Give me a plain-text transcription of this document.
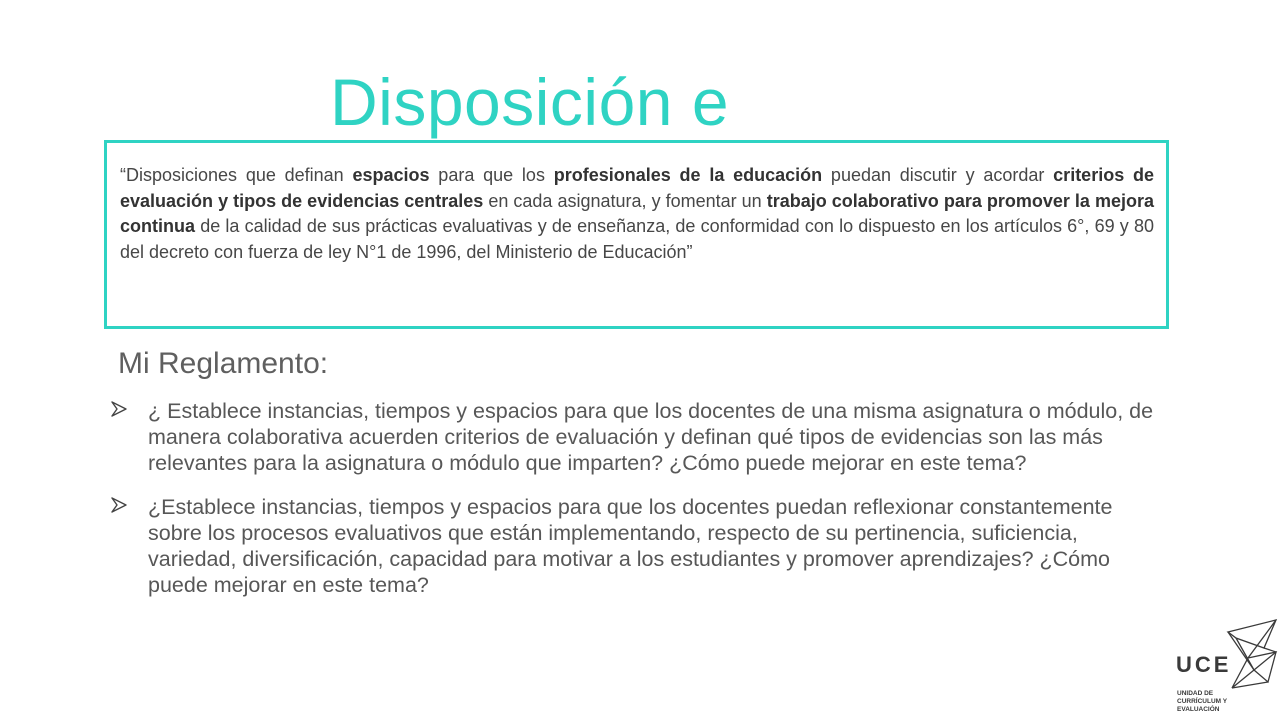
Disposición e

“Disposiciones que definan espacios para que los profesionales de la educación puedan discutir y acordar criterios de evaluación y tipos de evidencias centrales en cada asignatura, y fomentar un trabajo colaborativo para promover la mejora continua de la calidad de sus prácticas evaluativas y de enseñanza, de conformidad con lo dispuesto en los artículos 6°, 69 y 80 del decreto con fuerza de ley N°1 de 1996, del Ministerio de Educación”

Mi Reglamento:
¿ Establece instancias, tiempos y espacios para que los docentes de una misma asignatura o módulo, de manera colaborativa acuerden criterios de evaluación y definan qué tipos de evidencias son las más relevantes para la asignatura o módulo que imparten? ¿Cómo puede mejorar en este tema?
¿Establece instancias, tiempos y espacios para que los docentes puedan reflexionar constantemente sobre los procesos evaluativos que están implementando, respecto de su pertinencia, suficiencia, variedad, diversificación, capacidad para motivar a los estudiantes y promover aprendizajes? ¿Cómo puede mejorar en este tema?
UCE
UNIDAD DE
CURRÍCULUM Y
EVALUACIÓN
